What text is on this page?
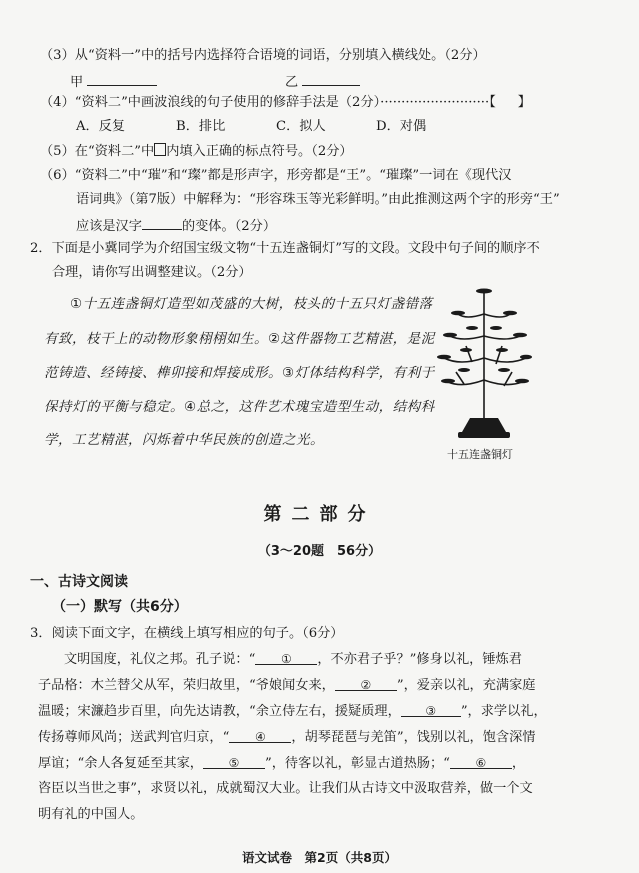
（3）从“资料一”中的括号内选择符合语境的词语，分别填入横线处。（2分）
甲	乙
（4）“资料二”中画波浪线的句子使用的修辞手法是（2分）··························【 】
A．反复	B．排比	C．拟人	D．对偶
（5）在“资料二”中 内填入正确的标点符号。（2分）
（6）“资料二”中“璀”和“璨”都是形声字，形旁都是“王”。“璀璨”一词在《现代汉
语词典》（第7版）中解释为：“形容珠玉等光彩鲜明。”由此推测这两个字的形旁“王”
应该是汉字	的变体。（2分）
2．下面是小冀同学为介绍国宝级文物“十五连盏铜灯”写的文段。文段中句子间的顺序不
合理，请你写出调整建议。（2分）
①十五连盏铜灯造型如茂盛的大树，枝头的十五只灯盏错落
有致，枝干上的动物形象栩栩如生。②这件器物工艺精湛，是泥
范铸造、经铸接、榫卯接和焊接成形。③灯体结构科学，有利于
保持灯的平衡与稳定。④总之，这件艺术瑰宝造型生动，结构科
学，工艺精湛，闪烁着中华民族的创造之光。
十五连盏铜灯
第二部分
（3～20题　56分）
一、古诗文阅读
（一）默写（共6分）
3．阅读下面文字，在横线上填写相应的句子。（6分）
文明国度，礼仪之邦。孔子说：“ ① ，不亦君子乎？”修身以礼，锤炼君
子品格：木兰替父从军，荣归故里，“爷娘闻女来， ② ”，爱亲以礼，充满家庭
温暖；宋濂趋步百里，向先达请教，“余立侍左右，援疑质理， ③ ”，求学以礼，
传扬尊师风尚；送武判官归京，“ ④ ，胡琴琵琶与羌笛”，饯别以礼，饱含深情
厚谊；“余人各复延至其家， ⑤ ”，待客以礼，彰显古道热肠；“ ⑥ ，
咨臣以当世之事”，求贤以礼，成就蜀汉大业。让我们从古诗文中汲取营养，做一个文
明有礼的中国人。
语文试卷　第2页（共8页）
